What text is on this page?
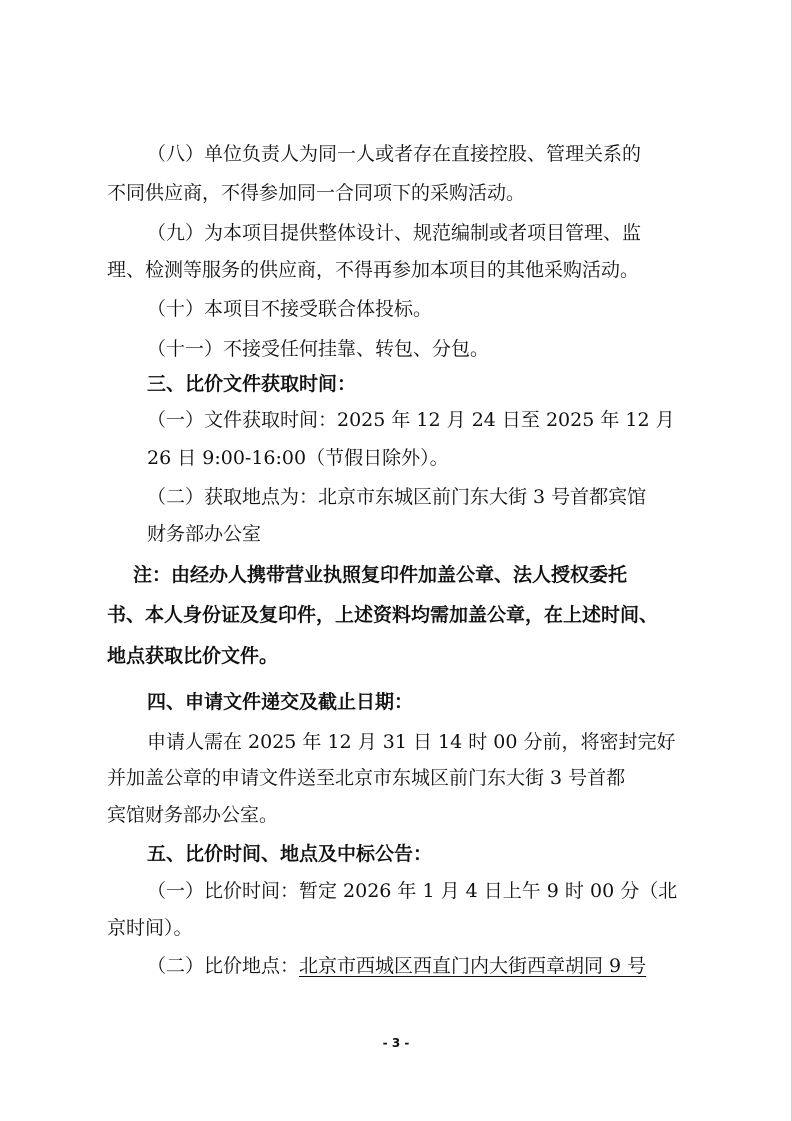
（八）单位负责人为同一人或者存在直接控股、管理关系的
不同供应商，不得参加同一合同项下的采购活动。
（九）为本项目提供整体设计、规范编制或者项目管理、监
理、检测等服务的供应商，不得再参加本项目的其他采购活动。
（十）本项目不接受联合体投标。
（十一）不接受任何挂靠、转包、分包。
三、比价文件获取时间：
（一）文件获取时间：2025 年 12 月 24 日至 2025 年 12 月
26 日 9:00-16:00（节假日除外）。
（二）获取地点为：北京市东城区前门东大街 3 号首都宾馆
财务部办公室
注：由经办人携带营业执照复印件加盖公章、法人授权委托
书、本人身份证及复印件，上述资料均需加盖公章，在上述时间、
地点获取比价文件。
四、申请文件递交及截止日期：
申请人需在 2025 年 12 月 31 日 14 时 00 分前，将密封完好
并加盖公章的申请文件送至北京市东城区前门东大街 3 号首都
宾馆财务部办公室。
五、比价时间、地点及中标公告：
（一）比价时间：暂定 2026 年 1 月 4 日上午 9 时 00 分（北
京时间）。
（二）比价地点：北京市西城区西直门内大街西章胡同 9 号
- 3 -
